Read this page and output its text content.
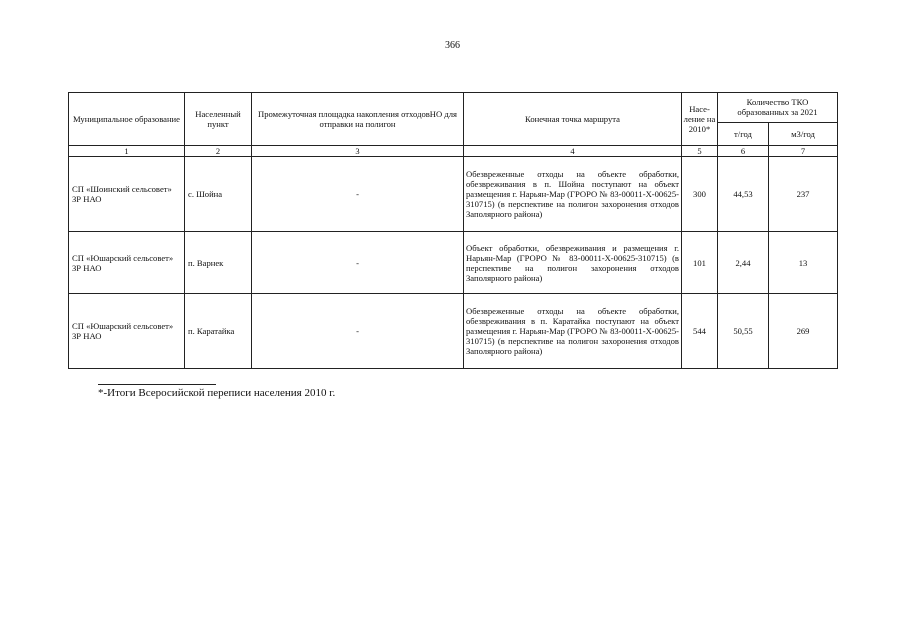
366
Муниципальное образование	Населенный пункт	Промежуточная площадка накопления отходовНО для отправки на полигон	Конечная точка маршрута	Насе-ление на 2010*	Количество ТКО образованных за 2021	
					т/год	м3/год
1	2	3	4	5	6	7
СП «Шоинский сельсовет» ЗР НАО	с. Шойна	-	Обезвреженные отходы на объекте обработки, обезвреживания в п. Шойна поступают на объект размещения г. Нарьян-Мар (ГРОРО № 83-00011-Х-00625-310715) (в перспективе на полигон захоронения отходов Заполярного района)	300	44,53	237
СП «Юшарский сельсовет» ЗР НАО	п. Варнек	-	Объект обработки, обезвреживания и размещения г. Нарьян-Мар (ГРОРО № 83-00011-Х-00625-310715) (в перспективе на полигон захоронения отходов Заполярного района)	101	2,44	13
СП «Юшарский сельсовет» ЗР НАО	п. Каратайка	-	Обезвреженные отходы на объекте обработки, обезвреживания в п. Каратайка поступают на объект размещения г. Нарьян-Мар (ГРОРО № 83-00011-Х-00625-310715) (в перспективе на полигон захоронения отходов Заполярного района)	544	50,55	269
*-Итоги Всеросийской переписи населения 2010 г.
